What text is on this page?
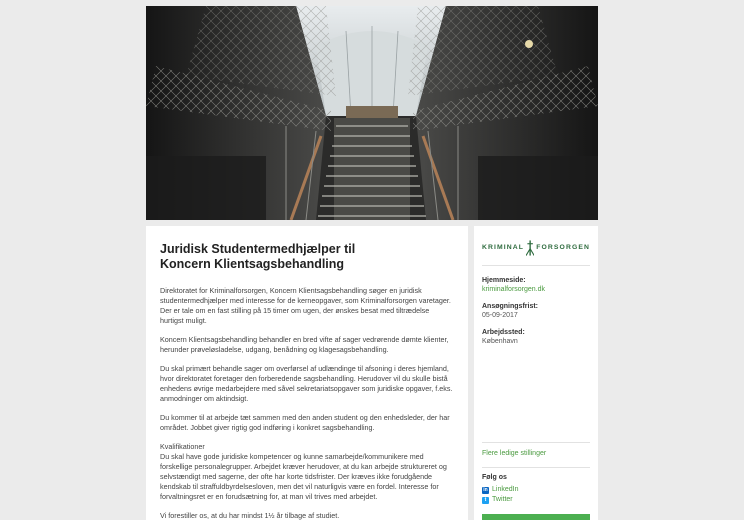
Juridisk Studentermedhjælper til Koncern Klientsagsbehandling

Direktoratet for Kriminalforsorgen, Koncern Klientsagsbehandling søger en juridisk studentermedhjælper med interesse for de kerneopgaver, som Kriminalforsorgen varetager. Der er tale om en fast stilling på 15 timer om ugen, der ønskes besat med tiltrædelse hurtigst muligt.

Koncern Klientsagsbehandling behandler en bred vifte af sager vedrørende dømte klienter, herunder prøveløsladelse, udgang, benådning og klagesagsbehandling.

Du skal primært behandle sager om overførsel af udlændinge til afsoning i deres hjemland, hvor direktoratet foretager den forberedende sagsbehandling. Herudover vil du skulle bistå enhedens øvrige medarbejdere med såvel sekretariatsopgaver som juridiske opgaver, f.eks. anmodninger om aktindsigt.

Du kommer til at arbejde tæt sammen med den anden student og den enhedsleder, der har området. Jobbet giver rigtig god indføring i konkret sagsbehandling.

Kvalifikationer
Du skal have gode juridiske kompetencer og kunne samarbejde/kommunikere med forskellige personalegrupper. Arbejdet kræver herudover, at du kan arbejde struktureret og selvstændigt med sagerne, der ofte har korte tidsfrister. Der kræves ikke forudgående kendskab til straffuldbyrdelsesloven, men det vil naturligvis være en fordel. Interesse for forvaltningsret er en forudsætning for, at man vil trives med arbejdet.

Vi forestiller os, at du har mindst 1½ år tilbage af studiet.

KRIMINAL FORSORGEN
Hjemmeside:
kriminalforsorgen.dk
Ansøgningsfrist:
05-09-2017
Arbejdssted:
København
Flere ledige stillinger
Følg os
in LinkedIn
t Twitter
